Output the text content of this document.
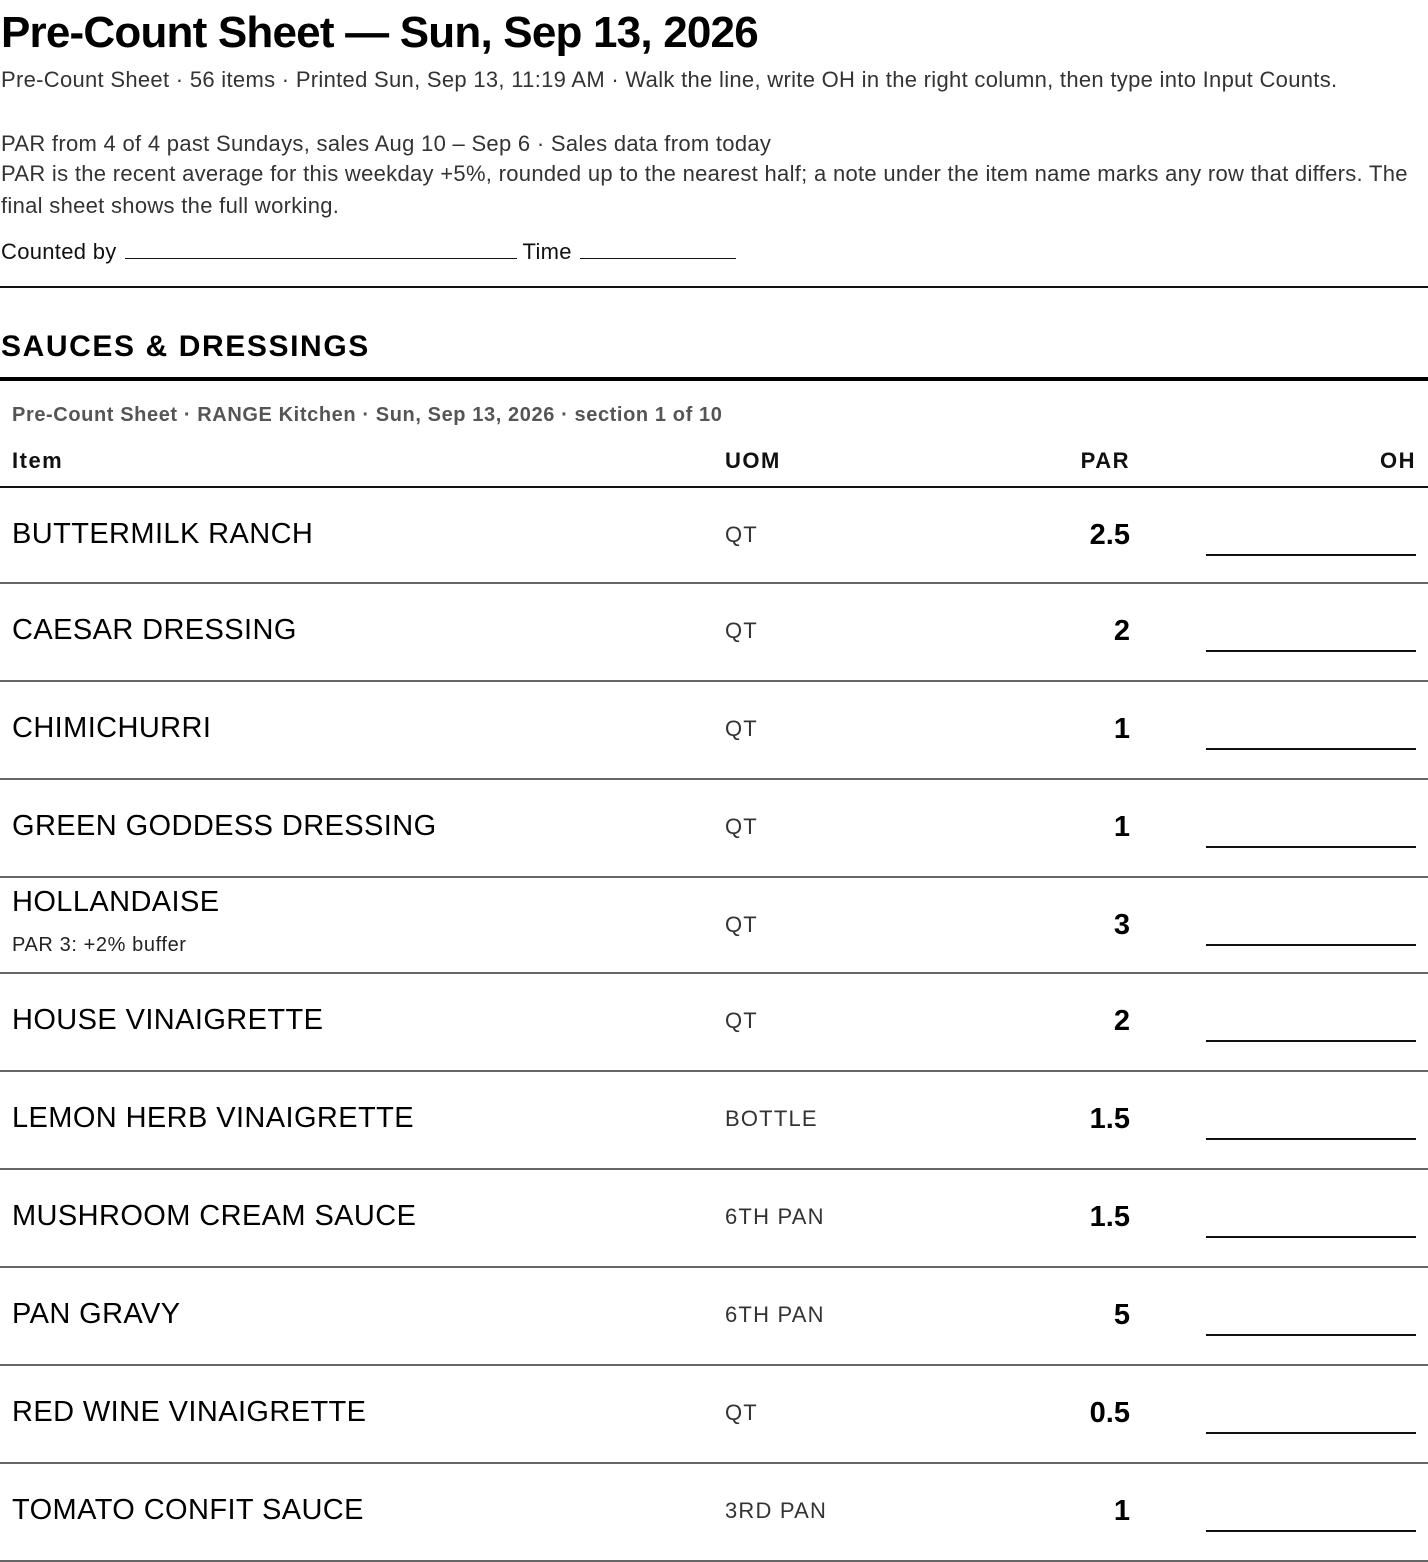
Pre-Count Sheet — Sun, Sep 13, 2026

Pre-Count Sheet · 56 items · Printed Sun, Sep 13, 11:19 AM · Walk the line, write OH in the right column, then type into Input Counts.

PAR from 4 of 4 past Sundays, sales Aug 10 – Sep 6 · Sales data from today

PAR is the recent average for this weekday +5%, rounded up to the nearest half; a note under the item name marks any row that differs. The final sheet shows the full working.

Counted by	Time
SAUCES & DRESSINGS
Pre-Count Sheet · RANGE Kitchen · Sun, Sep 13, 2026 · section 1 of 10
Item	UOM	PAR	OH
BUTTERMILK RANCH	QT	2.5
CAESAR DRESSING	QT	2
CHIMICHURRI	QT	1
GREEN GODDESS DRESSING	QT	1
HOLLANDAISE
PAR 3: +2% buffer
QT	3
HOUSE VINAIGRETTE	QT	2
LEMON HERB VINAIGRETTE	BOTTLE	1.5
MUSHROOM CREAM SAUCE	6TH PAN	1.5
PAN GRAVY	6TH PAN	5
RED WINE VINAIGRETTE	QT	0.5
TOMATO CONFIT SAUCE	3RD PAN	1
